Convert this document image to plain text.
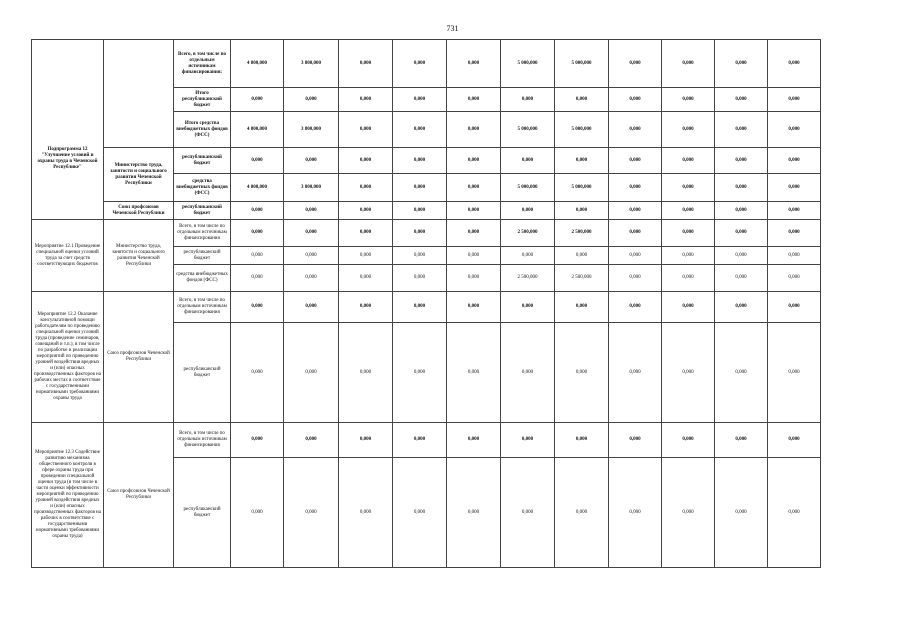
731
Подпрограмма 12 "Улучшение условий и охраны труда в Чеченской Республике"		Всего, в том числе по отдельным источникам финансирования:	4 800,000	3 800,000	0,000	0,000	0,000	5 000,000	5 000,000	0,000	0,000	0,000	0,000
		Итого республиканский бюджет	0,000	0,000	0,000	0,000	0,000	0,000	0,000	0,000	0,000	0,000	0,000
		Итого средства внебюджетных фондов (ФСС)	4 800,000	3 800,000	0,000	0,000	0,000	5 000,000	5 000,000	0,000	0,000	0,000	0,000
	Министерство труда, занятости и социального развития Чеченской Республики	республиканский бюджет	0,000	0,000	0,000	0,000	0,000	0,000	0,000	0,000	0,000	0,000	0,000
		средства внебюджетных фондов (ФСС)	4 800,000	3 800,000	0,000	0,000	0,000	5 000,000	5 000,000	0,000	0,000	0,000	0,000
	Союз профсоюзов Чеченской Республики	республиканский бюджет	0,000	0,000	0,000	0,000	0,000	0,000	0,000	0,000	0,000	0,000	0,000
Мероприятие 12.1 Проведение специальной оценки условий труда за счет средств соответствующих бюджетов	Министерство труда, занятости и социального развития Чеченской Республики	Всего, в том числе по отдельным источникам финансирования	0,000	0,000	0,000	0,000	0,000	2 500,000	2 500,000	0,000	0,000	0,000	0,000
		республиканский бюджет	0,000	0,000	0,000	0,000	0,000	0,000	0,000	0,000	0,000	0,000	0,000
		средства внебюджетных фондов (ФСС)	0,000	0,000	0,000	0,000	0,000	2 500,000	2 500,000	0,000	0,000	0,000	0,000
Мероприятие 12.2 Оказание консультативной помощи работодателям по проведению специальной оценки условий труда (проведение семинаров, совещаний и т.п.), в том числе по разработке и реализации мероприятий по приведению уровней воздействия вредных и (или) опасных производственных факторов на рабочих местах в соответствие с государственными нормативными требованиями охраны труда	Союз профсоюзов Чеченской Республики	Всего, в том числе по отдельным источникам финансирования	0,000	0,000	0,000	0,000	0,000	0,000	0,000	0,000	0,000	0,000	0,000
		республиканский бюджет	0,000	0,000	0,000	0,000	0,000	0,000	0,000	0,000	0,000	0,000	0,000
Мероприятие 12.3 Содействие развитию механизма общественного контроля в сфере охраны труда при проведении специальной оценки труда (в том числе в части оценки эффективности мероприятий по приведению уровней воздействия вредных и (или) опасных производственных факторов на рабочих в соответствие с государственными нормативными требованиями охраны труда)	Союз профсоюзов Чеченской Республики	Всего, в том числе по отдельным источникам финансирования	0,000	0,000	0,000	0,000	0,000	0,000	0,000	0,000	0,000	0,000	0,000
		республиканский бюджет	0,000	0,000	0,000	0,000	0,000	0,000	0,000	0,000	0,000	0,000	0,000
